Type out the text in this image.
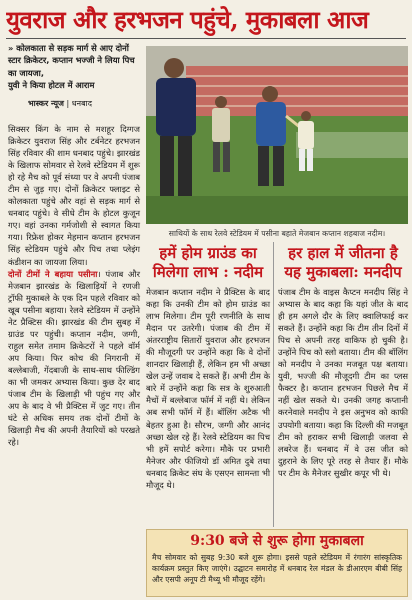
युवराज और हरभजन पहुंचे, मुकाबला आज

» कोलकाता से सड़क मार्ग से आए दोनों स्टार क्रिकेटर, कप्तान भज्जी ने लिया पिच का जायजा,

युवी ने किया होटल में आराम

भास्कर न्यूज | धनबाद
साथियों के साथ रेलवे स्टेडियम में पसीना बहाते मेजबान कप्तान शहबाज नदीम।

सिक्सर किंग के नाम से मशहूर दिग्गज क्रिकेटर युवराज सिंह और टर्बनेटर हरभजन सिंह रविवार की शाम धनबाद पहुंचे। झारखंड के खिलाफ सोमवार से रेलवे स्टेडियम में शुरू हो रहे मैच को पूर्व संध्या पर वे अपनी पंजाब टीम से जुड़ गए। दोनों क्रिकेटर फ्लाइट से कोलकाता पहुंचे और वहां से सड़क मार्ग से धनबाद पहुंचे। वे सीधे टीम के होटल कुजून गए। वहां उनका गर्मजोशी से स्वागत किया गया। रिफ्रेश होकर मेहमान कप्तान हरभजन सिंह स्टेडियम पहुंचे और पिच तथा प्लेइंग कंडीशन का जायजा लिया।

दोनों टीमों ने बहाया पसीना। पंजाब और मेजबान झारखंड के खिलाड़ियों ने रणजी ट्रॉफी मुकाबले के एक दिन पहले रविवार को खूब पसीना बहाया। रेलवे स्टेडियम में उन्होंने नेट प्रैक्टिस की। झारखंड की टीम सुबह में ग्राउंड पर पहुंची। कप्तान नदीम, जग्गी, राहुल समेत तमाम क्रिकेटरों ने पहले वॉर्म अप किया। फिर कोच की निगरानी में बल्लेबाजी, गेंदबाजी के साथ-साथ फील्डिंग का भी जमकर अभ्यास किया। कुछ देर बाद पंजाब टीम के खिलाड़ी भी पहुंच गए और अप के बाद वे भी प्रैक्टिस में जुट गए। तीन घंटे से अधिक समय तक दोनों टीमों के खिलाड़ी मैच की अपनी तैयारियों को परखते रहे।

हमें होम ग्राउंड का
मिलेगा लाभ : नदीम
मेजबान कप्तान नदीम ने प्रैक्टिस के बाद कहा कि उनकी टीम को होम ग्राउंड का लाभ मिलेगा। टीम पूरी रणनीति के साथ मैदान पर उतरेगी। पंजाब की टीम में अंतरराष्ट्रीय सितारों युवराज और हरभजन की मौजूदगी पर उन्होंने कहा कि वे दोनों शानदार खिलाड़ी हैं, लेकिन हम भी अच्छा खेल उन्हें जवाब दे सकते हैं। अभी टीम के बारे में उन्होंने कहा कि सत्र के शुरुआती मैचों में बल्लेबाज फॉर्म में नहीं थे। लेकिन अब सभी फॉर्म में हैं। बॉलिंग अटैक भी बेहतर हुआ है। सौरभ, जग्गी और आनंद अच्छा खेल रहे हैं। रेलवे स्टेडियम का पिच भी हमें सपोर्ट करेगा। मौके पर प्रभारी मैनेजर और फीजियो डॉ अमित दुबे तथा धनबाद क्रिकेट संघ के एसएन सामन्ता भी मौजूद थे।
हर हाल में जीतना है
यह मुकाबला: मनदीप
पंजाब टीम के वाइस कैप्टन मनदीप सिंह ने अभ्यास के बाद कहा कि यहां जीत के बाद ही हम अगले दौर के लिए क्वालिफाई कर सकते हैं। उन्होंने कहा कि टीम तीन दिनों में पिच से अपनी तरह वाकिफ हो चुकी है। उन्होंने पिच को स्लो बताया। टीम की बॉलिंग को मनदीप ने उनका मजबूत पक्ष बताया। युवी, भज्जी की मौजूदगी टीम का प्लस फैक्टर है। कप्तान हरभजन पिछले मैच में नहीं खेल सकते थे। उनकी जगह कप्तानी करनेवाले मनदीप ने इस अनुभव को काफी उपयोगी बताया। कहा कि दिल्ली की मजबूत टीम को हराकर सभी खिलाड़ी जलवा से लबरेज हैं। धनबाद में वे उस जीत को दुहराने के लिए पूरे तरह से तैयार हैं। मौके पर टीम के मैनेजर सुखीर कपूर भी थे।
9:30 बजे से शुरू होगा मुकाबला
मैच सोमवार को सुबह 9:30 बजे शुरू होगा। इससे पहले स्टेडियम में रंगारंग सांस्कृतिक कार्यक्रम प्रस्तुत किए जाएंगे। उद्घाटन समारोह में धनबाद रेल मंडल के डीआरएम बीबी सिंह और एसपी अनूप टी मैथ्यू भी मौजूद रहेंगे।
